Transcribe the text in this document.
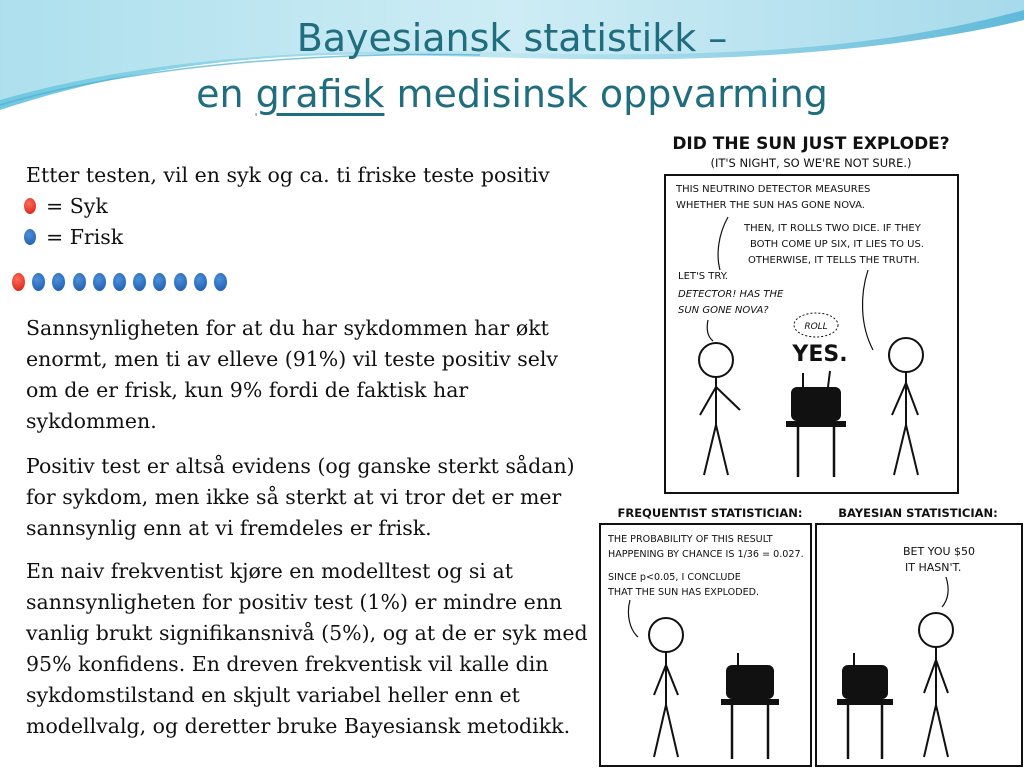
Bayesiansk statistikk –
en grafisk medisinsk oppvarming
Etter testen, vil en syk og ca. ti friske teste positiv
= Syk
= Frisk
Sannsynligheten for at du har sykdommen har økt enormt, men ti av elleve (91%) vil teste positiv selv om de er frisk, kun 9% fordi de faktisk har sykdommen.
Positiv test er altså evidens (og ganske sterkt sådan) for sykdom, men ikke så sterkt at vi tror det er mer sannsynlig enn at vi fremdeles er frisk.
En naiv frekventist kjøre en modelltest og si at sannsynligheten for positiv test (1%) er mindre enn vanlig brukt signifikansnivå (5%), og at de er syk med 95% konfidens. En dreven frekventisk vil kalle din sykdomstilstand en skjult variabel heller enn et modellvalg, og deretter bruke Bayesiansk metodikk.
DID THE SUN JUST EXPLODE?
(IT'S NIGHT, SO WE'RE NOT SURE.)
THIS NEUTRINO DETECTOR MEASURES WHETHER THE SUN HAS GONE NOVA.
THEN, IT ROLLS TWO DICE. IF THEY BOTH COME UP SIX, IT LIES TO US. OTHERWISE, IT TELLS THE TRUTH.
LET'S TRY. DETECTOR! HAS THE SUN GONE NOVA?
ROLL
YES.
FREQUENTIST STATISTICIAN:
THE PROBABILITY OF THIS RESULT HAPPENING BY CHANCE IS 1/36 = 0.027. SINCE p<0.05, I CONCLUDE THAT THE SUN HAS EXPLODED.
BAYESIAN STATISTICIAN:
BET YOU $50 IT HASN'T.
